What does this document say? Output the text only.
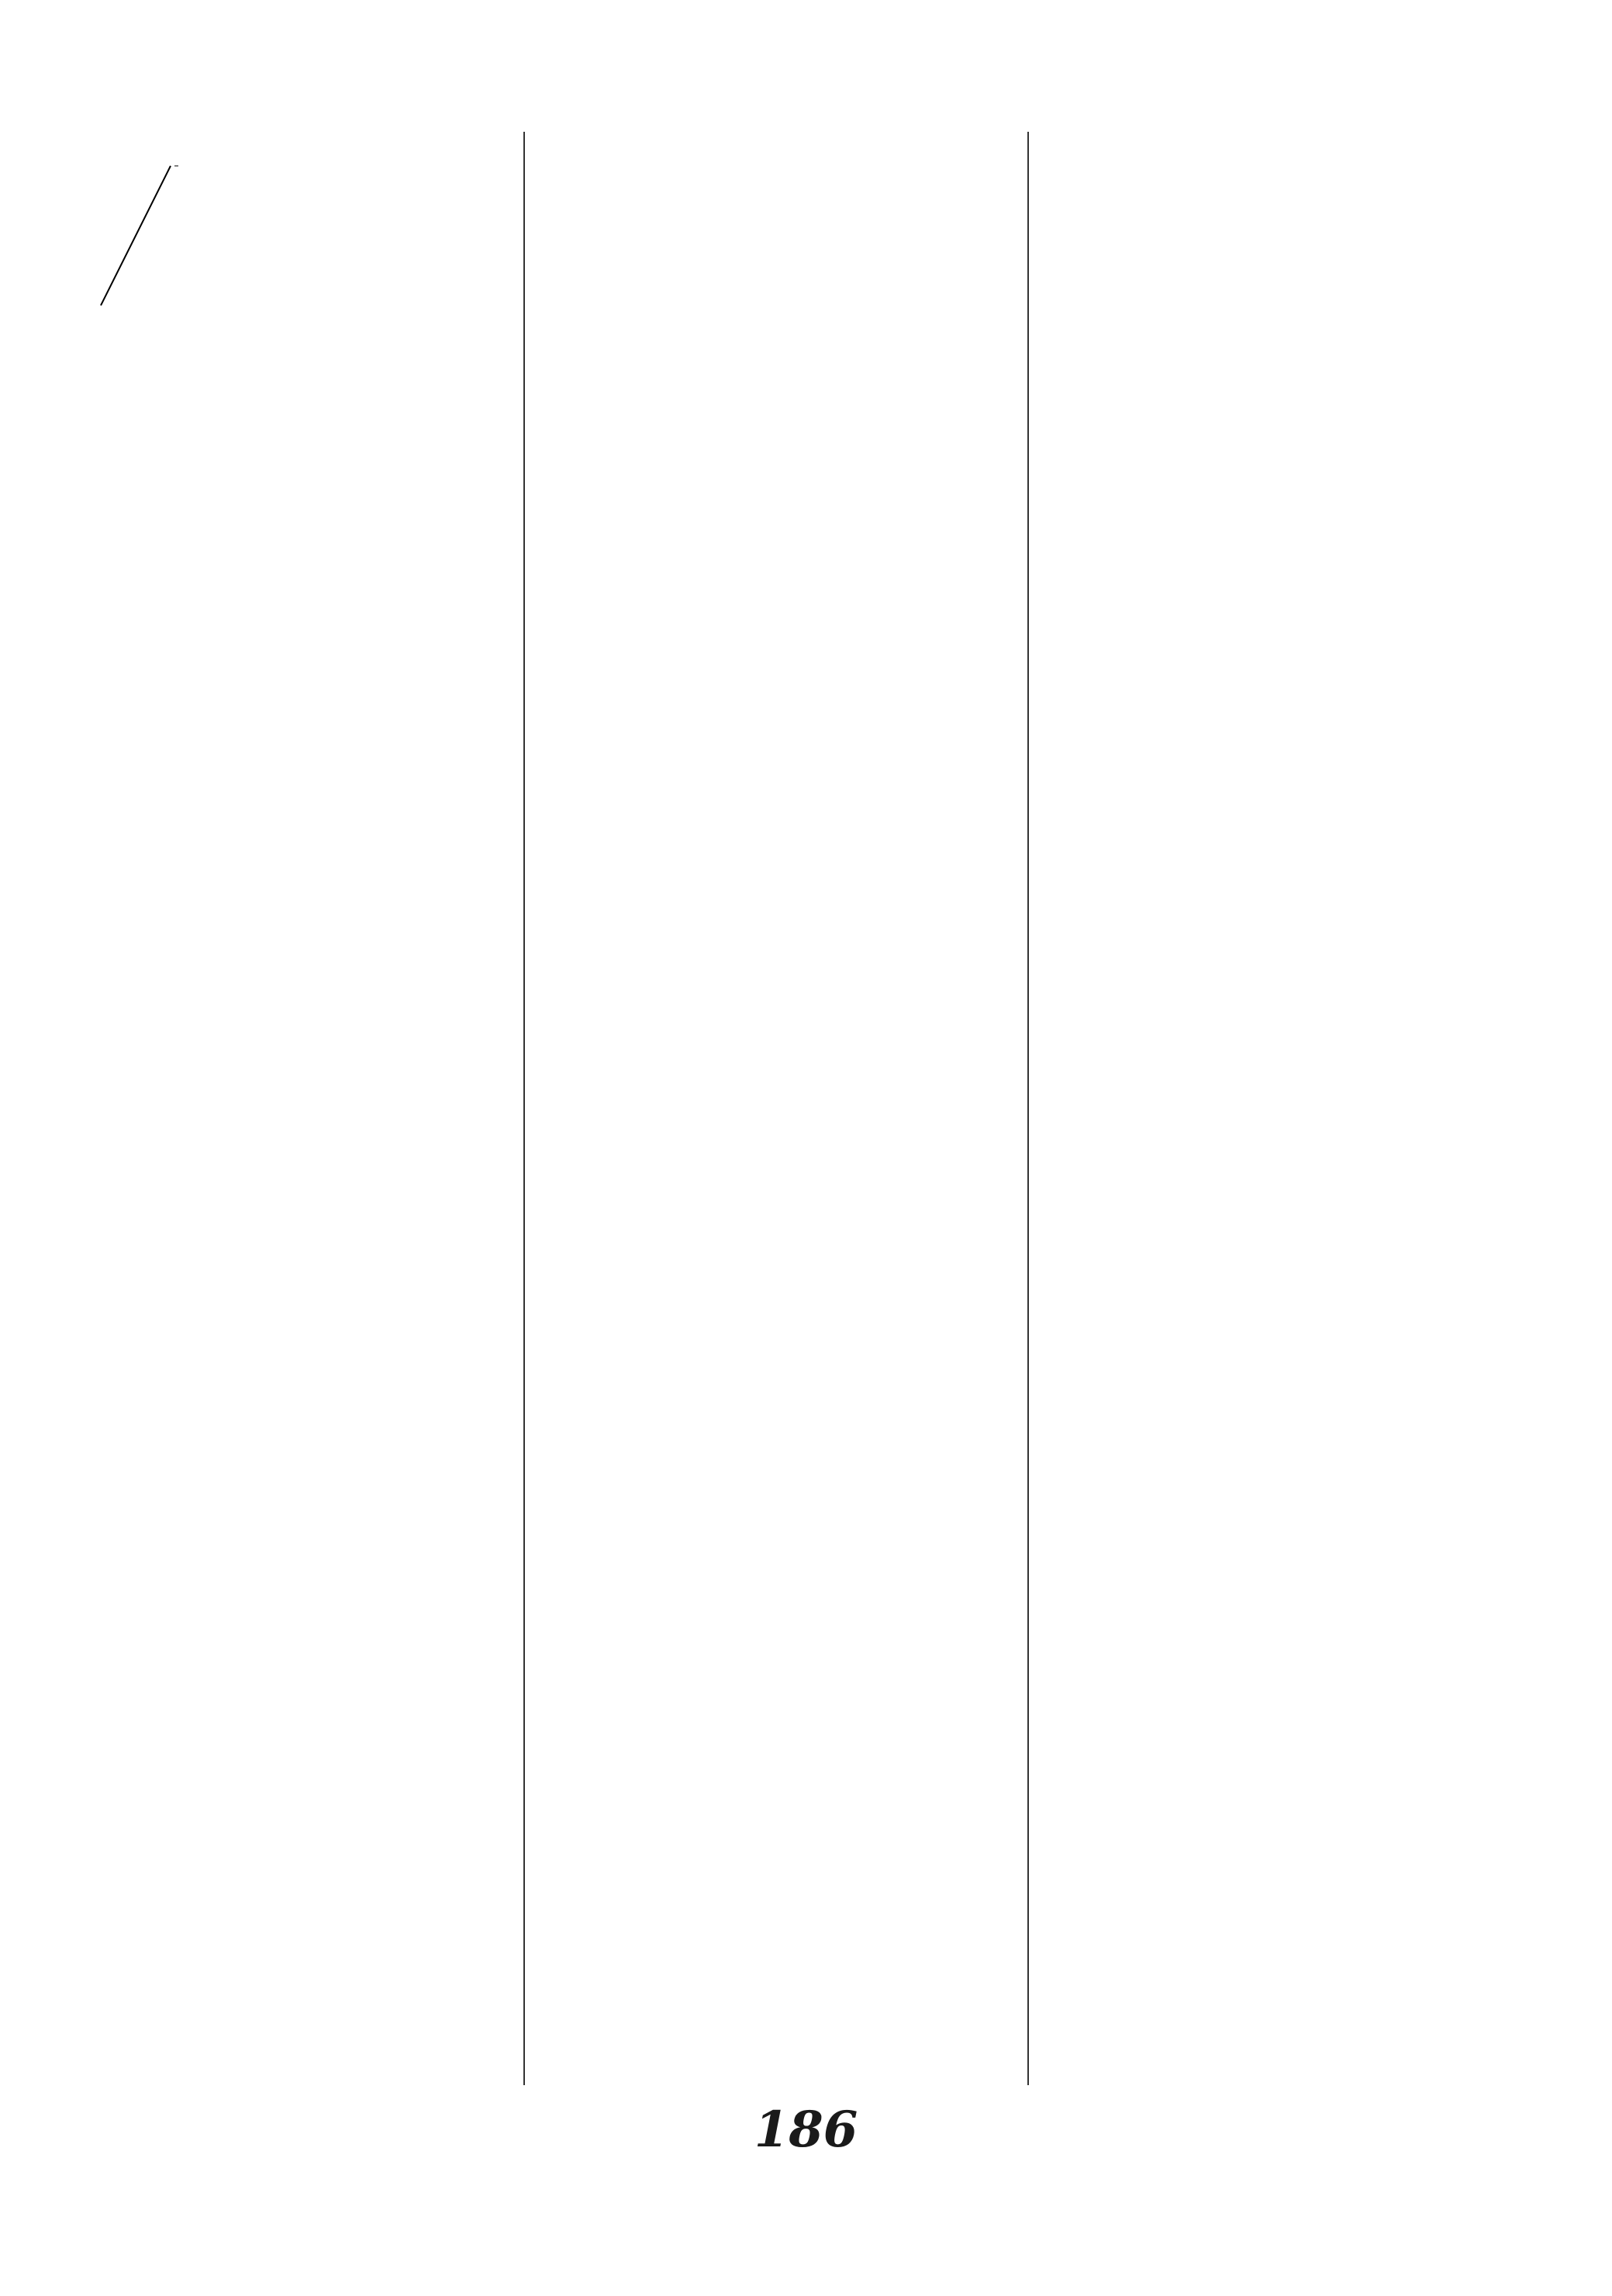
186
